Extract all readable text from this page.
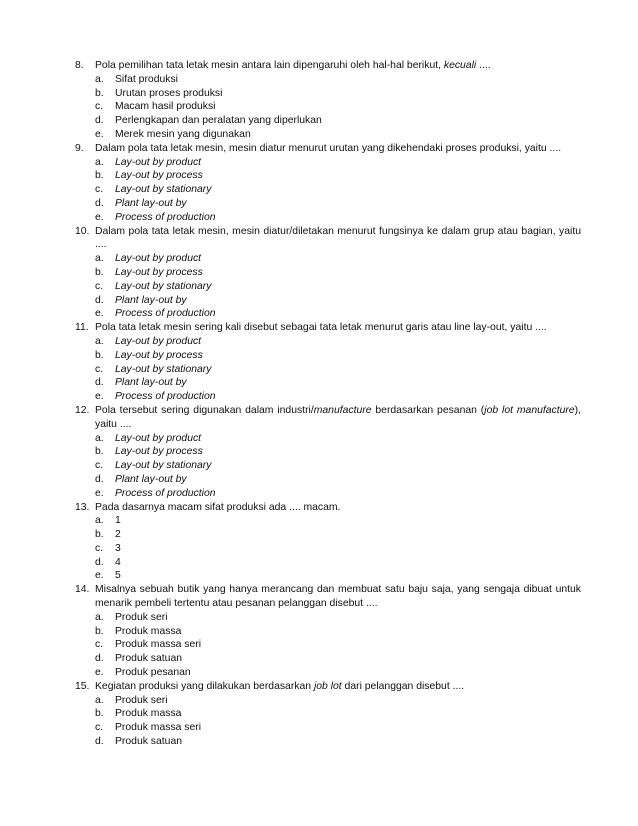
8. Pola pemilihan tata letak mesin antara lain dipengaruhi oleh hal-hal berikut, kecuali ....
a. Sifat produksi
b. Urutan proses produksi
c. Macam hasil produksi
d. Perlengkapan dan peralatan yang diperlukan
e. Merek mesin yang digunakan
9. Dalam pola tata letak mesin, mesin diatur menurut urutan yang dikehendaki proses produksi, yaitu ....
a. Lay-out by product
b. Lay-out by process
c. Lay-out by stationary
d. Plant lay-out by
e. Process of production
10. Dalam pola tata letak mesin, mesin diatur/diletakan menurut fungsinya ke dalam grup atau bagian, yaitu ....
a. Lay-out by product
b. Lay-out by process
c. Lay-out by stationary
d. Plant lay-out by
e. Process of production
11. Pola tata letak mesin sering kali disebut sebagai tata letak menurut garis atau line lay-out, yaitu ....
a. Lay-out by product
b. Lay-out by process
c. Lay-out by stationary
d. Plant lay-out by
e. Process of production
12. Pola tersebut sering digunakan dalam industri/manufacture berdasarkan pesanan (job lot manufacture), yaitu ....
a. Lay-out by product
b. Lay-out by process
c. Lay-out by stationary
d. Plant lay-out by
e. Process of production
13. Pada dasarnya macam sifat produksi ada .... macam.
a. 1
b. 2
c. 3
d. 4
e. 5
14. Misalnya sebuah butik yang hanya merancang dan membuat satu baju saja, yang sengaja dibuat untuk menarik pembeli tertentu atau pesanan pelanggan disebut ....
a. Produk seri
b. Produk massa
c. Produk massa seri
d. Produk satuan
e. Produk pesanan
15. Kegiatan produksi yang dilakukan berdasarkan job lot dari pelanggan disebut ....
a. Produk seri
b. Produk massa
c. Produk massa seri
d. Produk satuan
